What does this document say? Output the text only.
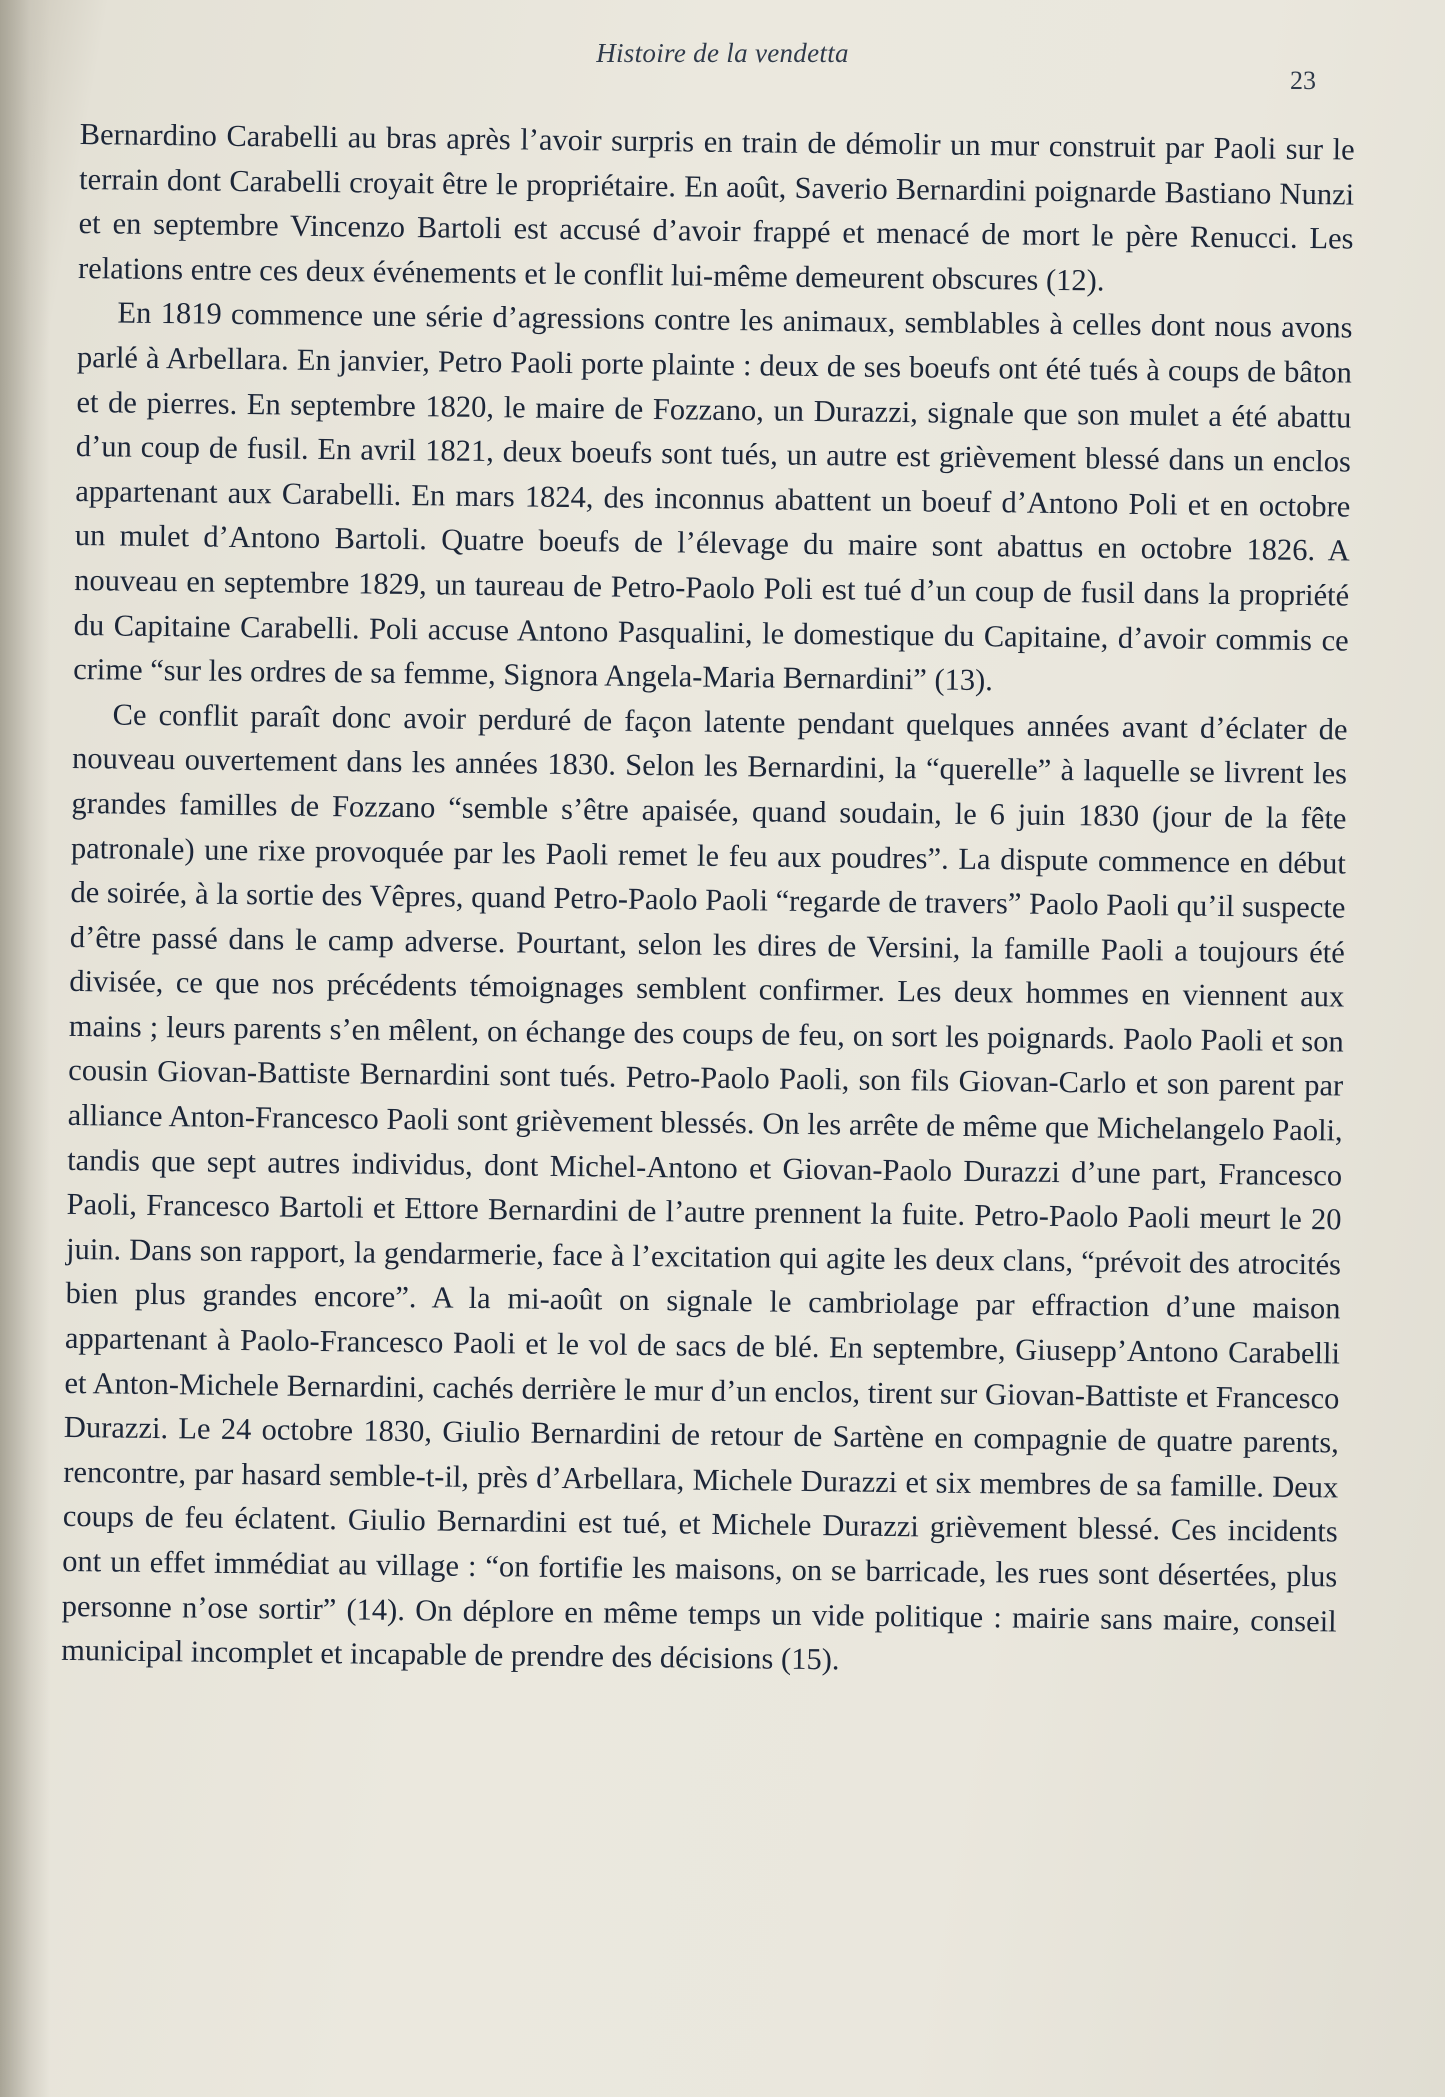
Histoire de la vendetta
23

Bernardino Carabelli au bras après l’avoir surpris en train de démolir un mur construit par Paoli sur le terrain dont Carabelli croyait être le propriétaire. En août, Saverio Bernardini poignarde Bastiano Nunzi et en septembre Vincenzo Bartoli est accusé d’avoir frappé et menacé de mort le père Renucci. Les relations entre ces deux événements et le conflit lui-même demeurent obscures (12).

En 1819 commence une série d’agressions contre les animaux, semblables à celles dont nous avons parlé à Arbellara. En janvier, Petro Paoli porte plainte : deux de ses boeufs ont été tués à coups de bâton et de pierres. En septembre 1820, le maire de Fozzano, un Durazzi, signale que son mulet a été abattu d’un coup de fusil. En avril 1821, deux boeufs sont tués, un autre est grièvement blessé dans un enclos appartenant aux Carabelli. En mars 1824, des inconnus abattent un boeuf d’Antono Poli et en octobre un mulet d’Antono Bartoli. Quatre boeufs de l’élevage du maire sont abattus en octobre 1826. A nouveau en septembre 1829, un taureau de Petro-Paolo Poli est tué d’un coup de fusil dans la propriété du Capitaine Carabelli. Poli accuse Antono Pasqualini, le domestique du Capitaine, d’avoir commis ce crime “sur les ordres de sa femme, Signora Angela-Maria Bernardini” (13).

Ce conflit paraît donc avoir perduré de façon latente pendant quelques années avant d’éclater de nouveau ouvertement dans les années 1830. Selon les Bernardini, la “querelle” à laquelle se livrent les grandes familles de Fozzano “semble s’être apaisée, quand soudain, le 6 juin 1830 (jour de la fête patronale) une rixe provoquée par les Paoli remet le feu aux poudres”. La dispute commence en début de soirée, à la sortie des Vêpres, quand Petro-Paolo Paoli “regarde de travers” Paolo Paoli qu’il suspecte d’être passé dans le camp adverse. Pourtant, selon les dires de Versini, la famille Paoli a toujours été divisée, ce que nos précédents témoignages semblent confirmer. Les deux hommes en viennent aux mains ; leurs parents s’en mêlent, on échange des coups de feu, on sort les poignards. Paolo Paoli et son cousin Giovan-Battiste Bernardini sont tués. Petro-Paolo Paoli, son fils Giovan-Carlo et son parent par alliance Anton-Francesco Paoli sont grièvement blessés. On les arrête de même que Michelangelo Paoli, tandis que sept autres individus, dont Michel-Antono et Giovan-Paolo Durazzi d’une part, Francesco Paoli, Francesco Bartoli et Ettore Bernardini de l’autre prennent la fuite. Petro-Paolo Paoli meurt le 20 juin. Dans son rapport, la gendarmerie, face à l’excitation qui agite les deux clans, “prévoit des atrocités bien plus grandes encore”. A la mi-août on signale le cambriolage par effraction d’une maison appartenant à Paolo-Francesco Paoli et le vol de sacs de blé. En septembre, Giusepp’Antono Carabelli et Anton-Michele Bernardini, cachés derrière le mur d’un enclos, tirent sur Giovan-Battiste et Francesco Durazzi. Le 24 octobre 1830, Giulio Bernardini de retour de Sartène en compagnie de quatre parents, rencontre, par hasard semble-t-il, près d’Arbellara, Michele Durazzi et six membres de sa famille. Deux coups de feu éclatent. Giulio Bernardini est tué, et Michele Durazzi grièvement blessé. Ces incidents ont un effet immédiat au village : “on fortifie les maisons, on se barricade, les rues sont désertées, plus personne n’ose sortir” (14). On déplore en même temps un vide politique : mairie sans maire, conseil municipal incomplet et incapable de prendre des décisions (15).
